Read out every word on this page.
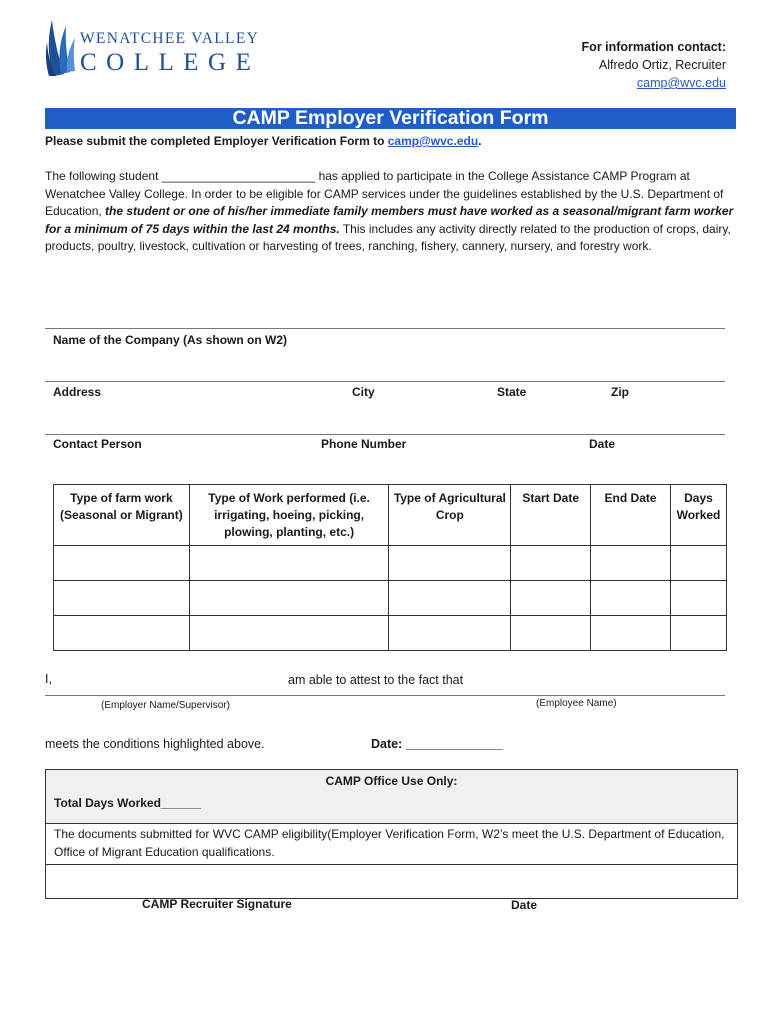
WENATCHEE VALLEY
COLLEGE
For information contact:
Alfredo Ortiz, Recruiter
camp@wvc.edu
CAMP Employer Verification Form
Please submit the completed Employer Verification Form to camp@wvc.edu.
The following student _______________________ has applied to participate in the College Assistance CAMP Program at Wenatchee Valley College. In order to be eligible for CAMP services under the guidelines established by the U.S. Department of Education, the student or one of his/her immediate family members must have worked as a seasonal/migrant farm worker for a minimum of 75 days within the last 24 months. This includes any activity directly related to the production of crops, dairy, products, poultry, livestock, cultivation or harvesting of trees, ranching, fishery, cannery, nursery, and forestry work.
Name of the Company (As shown on W2)
Address	City	State	Zip
Contact Person	Phone Number	Date
Type of farm work (Seasonal or Migrant)	Type of Work performed (i.e. irrigating, hoeing, picking, plowing, planting, etc.)	Type of Agricultural Crop	Start Date	End Date	Days Worked

I,	am able to attest to the fact that
(Employer Name/Supervisor)	(Employee Name)
meets the conditions highlighted above.	Date: ______________
CAMP Office Use Only:
Total Days Worked______
The documents submitted for WVC CAMP eligibility(Employer Verification Form, W2’s meet the U.S. Department of Education, Office of Migrant Education qualifications.
CAMP Recruiter Signature	Date
